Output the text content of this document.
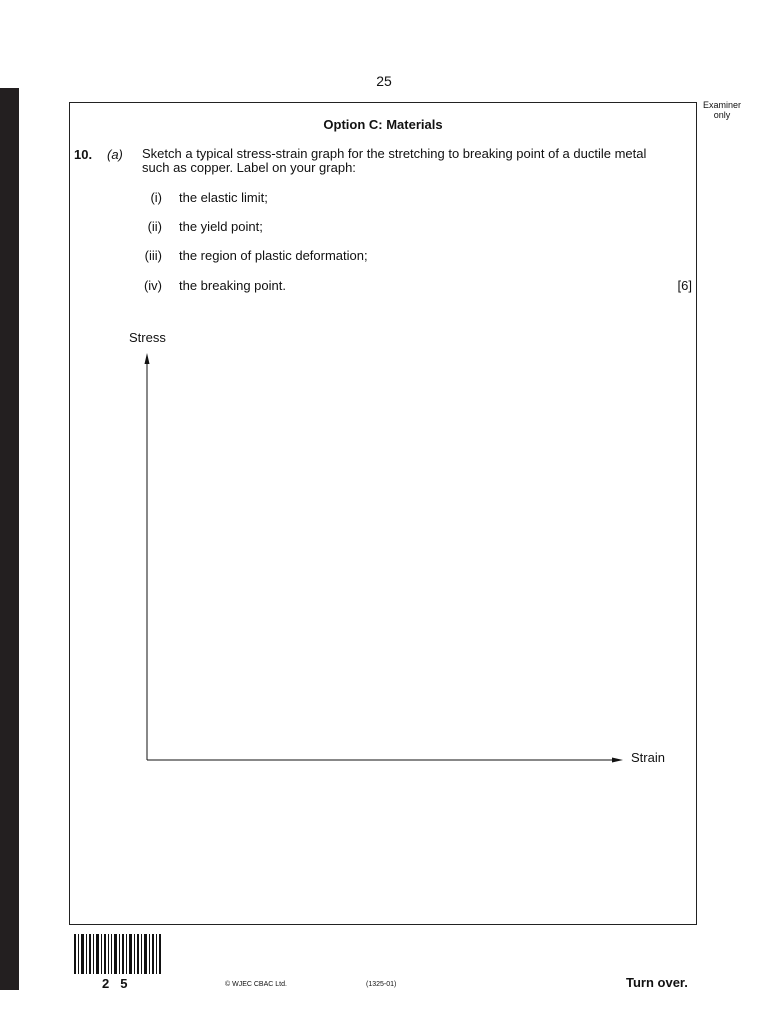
25
Examiner
only
Option C: Materials
10. (a) Sketch a typical stress-strain graph for the stretching to breaking point of a ductile metal
such as copper. Label on your graph:
(i) the elastic limit;
(ii) the yield point;
(iii) the region of plastic deformation;
(iv) the breaking point.	[6]
Stress
Strain
25	© WJEC CBAC Ltd.	(1325-01)	Turn over.
